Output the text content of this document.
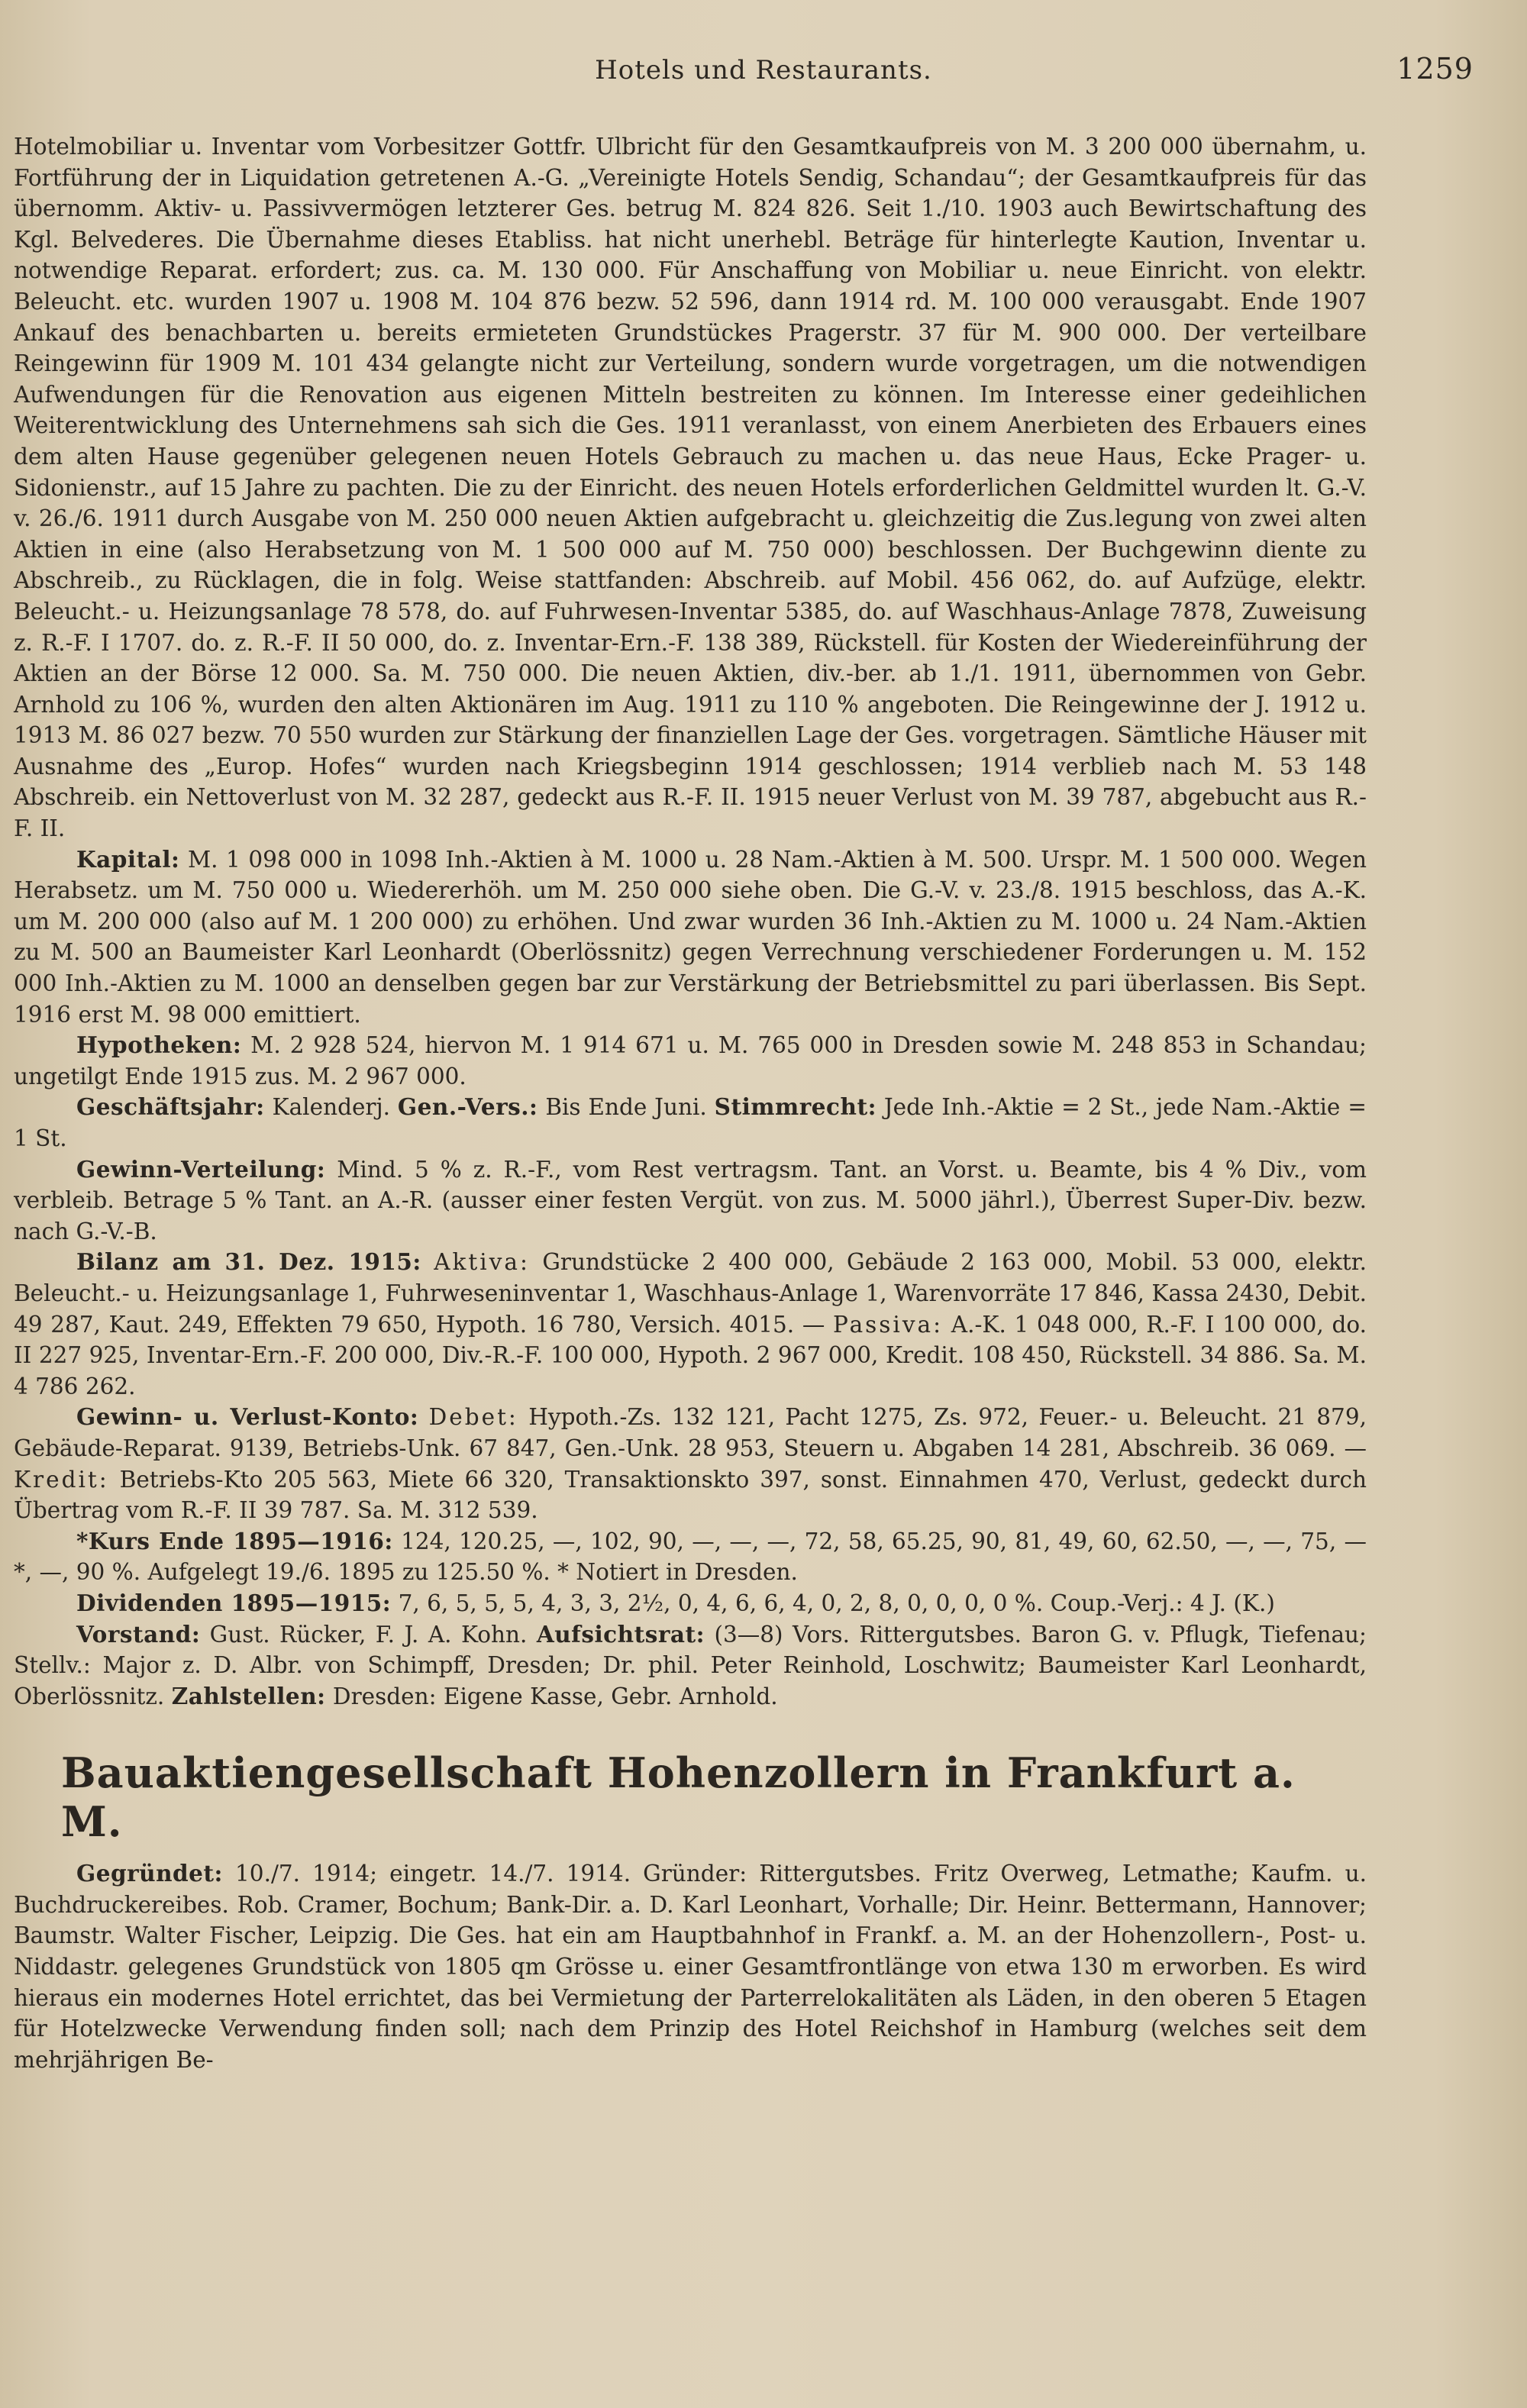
Hotels und Restaurants.	1259

Hotelmobiliar u. Inventar vom Vorbesitzer Gottfr. Ulbricht für den Gesamtkaufpreis von M. 3 200 000 übernahm, u. Fortführung der in Liquidation getretenen A.-G. „Vereinigte Hotels Sendig, Schandau“; der Gesamtkaufpreis für das übernomm. Aktiv- u. Passivvermögen letzterer Ges. betrug M. 824 826. Seit 1./10. 1903 auch Bewirtschaftung des Kgl. Belvederes. Die Übernahme dieses Etabliss. hat nicht unerhebl. Beträge für hinterlegte Kaution, Inventar u. notwendige Reparat. erfordert; zus. ca. M. 130 000. Für Anschaffung von Mobiliar u. neue Einricht. von elektr. Beleucht. etc. wurden 1907 u. 1908 M. 104 876 bezw. 52 596, dann 1914 rd. M. 100 000 verausgabt. Ende 1907 Ankauf des benachbarten u. bereits ermieteten Grundstückes Pragerstr. 37 für M. 900 000. Der verteilbare Reingewinn für 1909 M. 101 434 gelangte nicht zur Verteilung, sondern wurde vorgetragen, um die notwendigen Aufwendungen für die Renovation aus eigenen Mitteln bestreiten zu können. Im Interesse einer gedeihlichen Weiterentwicklung des Unternehmens sah sich die Ges. 1911 veranlasst, von einem Anerbieten des Erbauers eines dem alten Hause gegenüber gelegenen neuen Hotels Gebrauch zu machen u. das neue Haus, Ecke Prager- u. Sidonienstr., auf 15 Jahre zu pachten. Die zu der Einricht. des neuen Hotels erforderlichen Geldmittel wurden lt. G.-V. v. 26./6. 1911 durch Ausgabe von M. 250 000 neuen Aktien aufgebracht u. gleichzeitig die Zus.legung von zwei alten Aktien in eine (also Herabsetzung von M. 1 500 000 auf M. 750 000) beschlossen. Der Buchgewinn diente zu Abschreib., zu Rücklagen, die in folg. Weise stattfanden: Abschreib. auf Mobil. 456 062, do. auf Aufzüge, elektr. Beleucht.- u. Heizungsanlage 78 578, do. auf Fuhrwesen-Inventar 5385, do. auf Waschhaus-Anlage 7878, Zuweisung z. R.-F. I 1707. do. z. R.-F. II 50 000, do. z. Inventar-Ern.-F. 138 389, Rückstell. für Kosten der Wiedereinführung der Aktien an der Börse 12 000. Sa. M. 750 000. Die neuen Aktien, div.-ber. ab 1./1. 1911, übernommen von Gebr. Arnhold zu 106 %, wurden den alten Aktionären im Aug. 1911 zu 110 % angeboten. Die Reingewinne der J. 1912 u. 1913 M. 86 027 bezw. 70 550 wurden zur Stärkung der finanziellen Lage der Ges. vorgetragen. Sämtliche Häuser mit Ausnahme des „Europ. Hofes“ wurden nach Kriegsbeginn 1914 geschlossen; 1914 verblieb nach M. 53 148 Abschreib. ein Nettoverlust von M. 32 287, gedeckt aus R.-F. II. 1915 neuer Verlust von M. 39 787, abgebucht aus R.-F. II.

Kapital: M. 1 098 000 in 1098 Inh.-Aktien à M. 1000 u. 28 Nam.-Aktien à M. 500. Urspr. M. 1 500 000. Wegen Herabsetz. um M. 750 000 u. Wiedererhöh. um M. 250 000 siehe oben. Die G.-V. v. 23./8. 1915 beschloss, das A.-K. um M. 200 000 (also auf M. 1 200 000) zu erhöhen. Und zwar wurden 36 Inh.-Aktien zu M. 1000 u. 24 Nam.-Aktien zu M. 500 an Baumeister Karl Leonhardt (Oberlössnitz) gegen Verrechnung verschiedener Forderungen u. M. 152 000 Inh.-Aktien zu M. 1000 an denselben gegen bar zur Verstärkung der Betriebsmittel zu pari überlassen. Bis Sept. 1916 erst M. 98 000 emittiert.

Hypotheken: M. 2 928 524, hiervon M. 1 914 671 u. M. 765 000 in Dresden sowie M. 248 853 in Schandau; ungetilgt Ende 1915 zus. M. 2 967 000.

Geschäftsjahr: Kalenderj. Gen.-Vers.: Bis Ende Juni. Stimmrecht: Jede Inh.-Aktie = 2 St., jede Nam.-Aktie = 1 St.

Gewinn-Verteilung: Mind. 5 % z. R.-F., vom Rest vertragsm. Tant. an Vorst. u. Beamte, bis 4 % Div., vom verbleib. Betrage 5 % Tant. an A.-R. (ausser einer festen Vergüt. von zus. M. 5000 jährl.), Überrest Super-Div. bezw. nach G.-V.-B.

Bilanz am 31. Dez. 1915: Aktiva: Grundstücke 2 400 000, Gebäude 2 163 000, Mobil. 53 000, elektr. Beleucht.- u. Heizungsanlage 1, Fuhrweseninventar 1, Waschhaus-Anlage 1, Warenvorräte 17 846, Kassa 2430, Debit. 49 287, Kaut. 249, Effekten 79 650, Hypoth. 16 780, Versich. 4015. — Passiva: A.-K. 1 048 000, R.-F. I 100 000, do. II 227 925, Inventar-Ern.-F. 200 000, Div.-R.-F. 100 000, Hypoth. 2 967 000, Kredit. 108 450, Rückstell. 34 886. Sa. M. 4 786 262.

Gewinn- u. Verlust-Konto: Debet: Hypoth.-Zs. 132 121, Pacht 1275, Zs. 972, Feuer.- u. Beleucht. 21 879, Gebäude-Reparat. 9139, Betriebs-Unk. 67 847, Gen.-Unk. 28 953, Steuern u. Abgaben 14 281, Abschreib. 36 069. — Kredit: Betriebs-Kto 205 563, Miete 66 320, Transaktionskto 397, sonst. Einnahmen 470, Verlust, gedeckt durch Übertrag vom R.-F. II 39 787. Sa. M. 312 539.

*Kurs Ende 1895—1916: 124, 120.25, —, 102, 90, —, —, —, 72, 58, 65.25, 90, 81, 49, 60, 62.50, —, —, 75, —*, —, 90 %. Aufgelegt 19./6. 1895 zu 125.50 %. * Notiert in Dresden.

Dividenden 1895—1915: 7, 6, 5, 5, 5, 4, 3, 3, 2½, 0, 4, 6, 6, 4, 0, 2, 8, 0, 0, 0, 0 %. Coup.-Verj.: 4 J. (K.)

Vorstand: Gust. Rücker, F. J. A. Kohn. Aufsichtsrat: (3—8) Vors. Rittergutsbes. Baron G. v. Pflugk, Tiefenau; Stellv.: Major z. D. Albr. von Schimpff, Dresden; Dr. phil. Peter Reinhold, Loschwitz; Baumeister Karl Leonhardt, Oberlössnitz. Zahlstellen: Dresden: Eigene Kasse, Gebr. Arnhold.

Bauaktiengesellschaft Hohenzollern in Frankfurt a. M.

Gegründet: 10./7. 1914; eingetr. 14./7. 1914. Gründer: Rittergutsbes. Fritz Overweg, Letmathe; Kaufm. u. Buchdruckereibes. Rob. Cramer, Bochum; Bank-Dir. a. D. Karl Leonhart, Vorhalle; Dir. Heinr. Bettermann, Hannover; Baumstr. Walter Fischer, Leipzig. Die Ges. hat ein am Hauptbahnhof in Frankf. a. M. an der Hohenzollern-, Post- u. Niddastr. gelegenes Grundstück von 1805 qm Grösse u. einer Gesamtfrontlänge von etwa 130 m erworben. Es wird hieraus ein modernes Hotel errichtet, das bei Vermietung der Parterrelokalitäten als Läden, in den oberen 5 Etagen für Hotelzwecke Verwendung finden soll; nach dem Prinzip des Hotel Reichshof in Hamburg (welches seit dem mehrjährigen Be-
